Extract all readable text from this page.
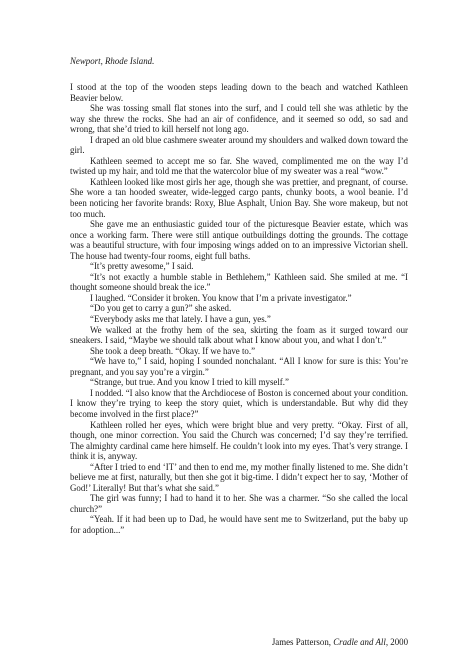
Newport, Rhode Island.

I stood at the top of the wooden steps leading down to the beach and watched Kathleen Beavier below.

She was tossing small flat stones into the surf, and I could tell she was athletic by the way she threw the rocks. She had an air of confidence, and it seemed so odd, so sad and wrong, that she’d tried to kill herself not long ago.

I draped an old blue cashmere sweater around my shoulders and walked down toward the girl.

Kathleen seemed to accept me so far. She waved, complimented me on the way I’d twisted up my hair, and told me that the watercolor blue of my sweater was a real “wow.”

Kathleen looked like most girls her age, though she was prettier, and pregnant, of course. She wore a tan hooded sweater, wide-legged cargo pants, chunky boots, a wool beanie. I’d been noticing her favorite brands: Roxy, Blue Asphalt, Union Bay. She wore makeup, but not too much.

She gave me an enthusiastic guided tour of the picturesque Beavier estate, which was once a working farm. There were still antique outbuildings dotting the grounds. The cottage was a beautiful structure, with four imposing wings added on to an impressive Victorian shell. The house had twenty-four rooms, eight full baths.

“It’s pretty awesome,” I said.

“It’s not exactly a humble stable in Bethlehem,” Kathleen said. She smiled at me. “I thought someone should break the ice.”

I laughed. “Consider it broken. You know that I’m a private investigator.”

“Do you get to carry a gun?” she asked.

“Everybody asks me that lately. I have a gun, yes.”

We walked at the frothy hem of the sea, skirting the foam as it surged toward our sneakers. I said, “Maybe we should talk about what I know about you, and what I don’t.”

She took a deep breath. “Okay. If we have to.”

“We have to,” I said, hoping I sounded nonchalant. “All I know for sure is this: You’re pregnant, and you say you’re a virgin.”

“Strange, but true. And you know I tried to kill myself.”

I nodded. “I also know that the Archdiocese of Boston is concerned about your condition. I know they’re trying to keep the story quiet, which is understandable. But why did they become involved in the first place?”

Kathleen rolled her eyes, which were bright blue and very pretty. “Okay. First of all, though, one minor correction. You said the Church was concerned; I’d say they’re terrified. The almighty cardinal came here himself. He couldn’t look into my eyes. That’s very strange. I think it is, anyway.

“After I tried to end ‘IT’ and then to end me, my mother finally listened to me. She didn’t believe me at first, naturally, but then she got it big-time. I didn’t expect her to say, ‘Mother of God!’ Literally! But that’s what she said.”

The girl was funny; I had to hand it to her. She was a charmer. “So she called the local church?”

“Yeah. If it had been up to Dad, he would have sent me to Switzerland, put the baby up for adoption...”

James Patterson, Cradle and All, 2000
